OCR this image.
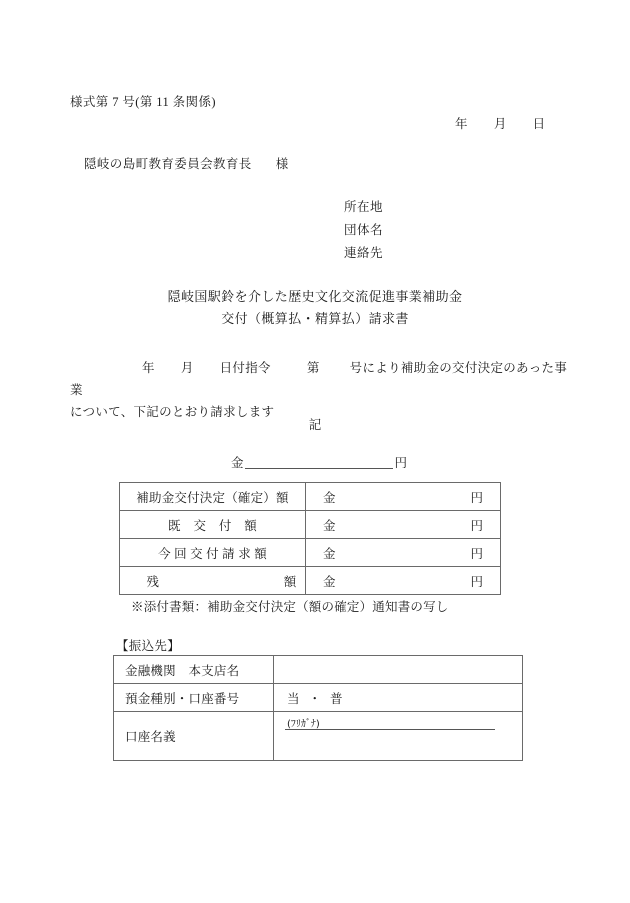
様式第 7 号(第 11 条関係)
年 月 日
隠岐の島町教育委員会教育長 様
所在地
団体名
連絡先
隠岐国駅鈴を介した歴史文化交流促進事業補助金
交付（概算払・精算払）請求書
年 月 日付指令	第 号により補助金の交付決定のあった事業
について、下記のとおり請求します
記
金	円
補助金交付決定（確定）額	金 円

既　交　付　額	金 円

今 回 交 付 請 求 額	金 円

残 額	金 円
※添付書類：補助金交付決定（額の確定）通知書の写し
【振込先】
金融機関　本支店名	
預金種別・口座番号	当 ・ 普
口座名義	(ﾌﾘｶﾞﾅ)
